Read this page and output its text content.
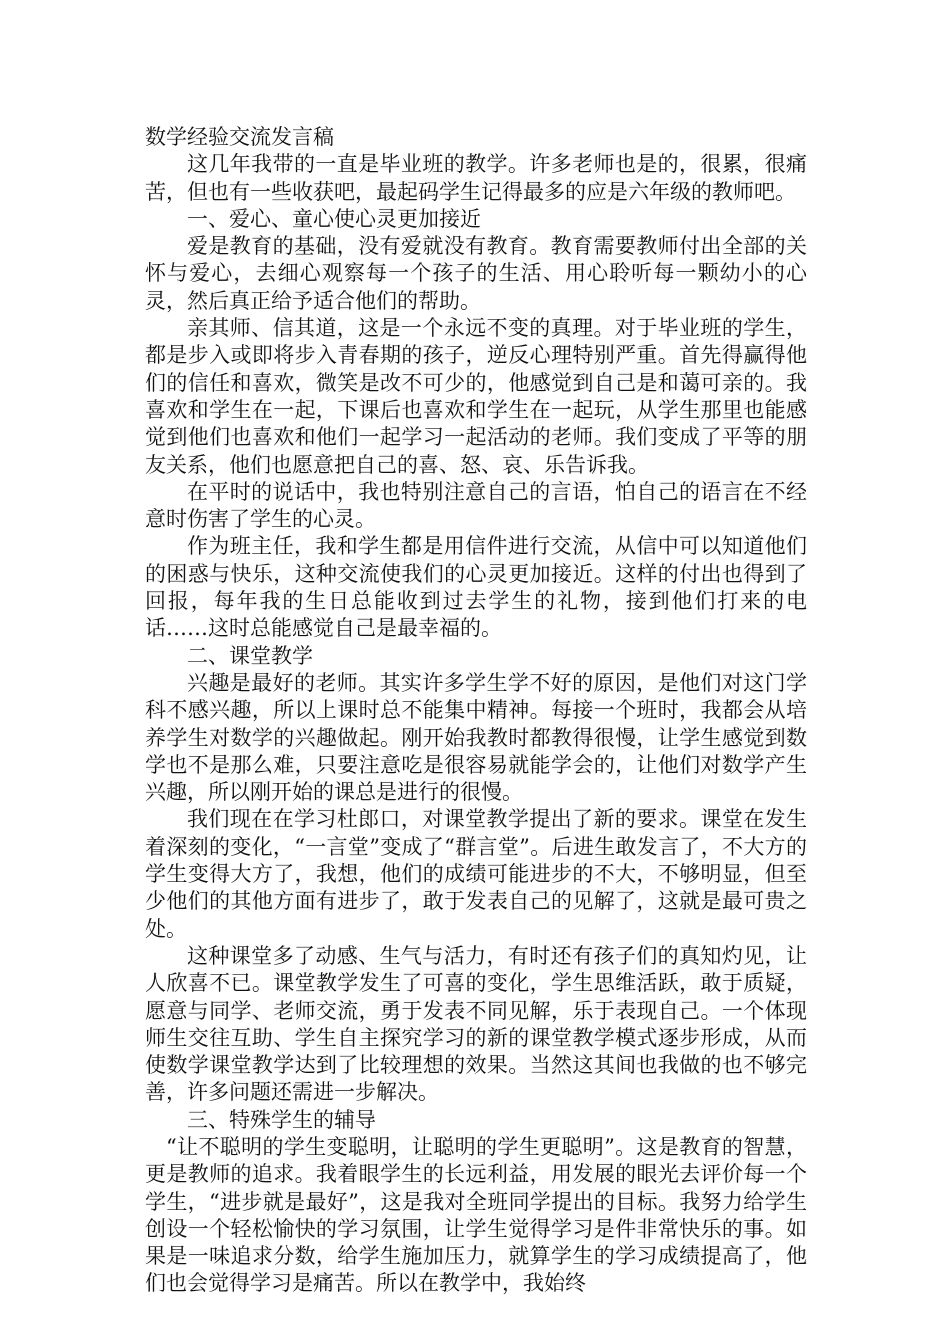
数学经验交流发言稿

这几年我带的一直是毕业班的教学。许多老师也是的，很累，很痛苦，但也有一些收获吧，最起码学生记得最多的应是六年级的教师吧。

一、爱心、童心使心灵更加接近

爱是教育的基础，没有爱就没有教育。教育需要教师付出全部的关怀与爱心，去细心观察每一个孩子的生活、用心聆听每一颗幼小的心灵，然后真正给予适合他们的帮助。

亲其师、信其道，这是一个永远不变的真理。对于毕业班的学生，都是步入或即将步入青春期的孩子，逆反心理特别严重。首先得赢得他们的信任和喜欢，微笑是改不可少的，他感觉到自己是和蔼可亲的。我喜欢和学生在一起，下课后也喜欢和学生在一起玩，从学生那里也能感觉到他们也喜欢和他们一起学习一起活动的老师。我们变成了平等的朋友关系，他们也愿意把自己的喜、怒、哀、乐告诉我。

在平时的说话中，我也特别注意自己的言语，怕自己的语言在不经意时伤害了学生的心灵。

作为班主任，我和学生都是用信件进行交流，从信中可以知道他们的困惑与快乐，这种交流使我们的心灵更加接近。这样的付出也得到了回报，每年我的生日总能收到过去学生的礼物，接到他们打来的电话……这时总能感觉自己是最幸福的。

二、课堂教学

兴趣是最好的老师。其实许多学生学不好的原因，是他们对这门学科不感兴趣，所以上课时总不能集中精神。每接一个班时，我都会从培养学生对数学的兴趣做起。刚开始我教时都教得很慢，让学生感觉到数学也不是那么难，只要注意吃是很容易就能学会的，让他们对数学产生兴趣，所以刚开始的课总是进行的很慢。

我们现在在学习杜郎口，对课堂教学提出了新的要求。课堂在发生着深刻的变化，“一言堂”变成了“群言堂”。后进生敢发言了，不大方的学生变得大方了，我想，他们的成绩可能进步的不大，不够明显，但至少他们的其他方面有进步了，敢于发表自己的见解了，这就是最可贵之处。

这种课堂多了动感、生气与活力，有时还有孩子们的真知灼见，让人欣喜不已。课堂教学发生了可喜的变化，学生思维活跃，敢于质疑，愿意与同学、老师交流，勇于发表不同见解，乐于表现自己。一个体现师生交往互助、学生自主探究学习的新的课堂教学模式逐步形成，从而使数学课堂教学达到了比较理想的效果。当然这其间也我做的也不够完善，许多问题还需进一步解决。

三、特殊学生的辅导

“让不聪明的学生变聪明，让聪明的学生更聪明”。这是教育的智慧，更是教师的追求。我着眼学生的长远利益，用发展的眼光去评价每一个学生，“进步就是最好”，这是我对全班同学提出的目标。我努力给学生创设一个轻松愉快的学习氛围，让学生觉得学习是件非常快乐的事。如果是一味追求分数，给学生施加压力，就算学生的学习成绩提高了，他们也会觉得学习是痛苦。所以在教学中，我始终
